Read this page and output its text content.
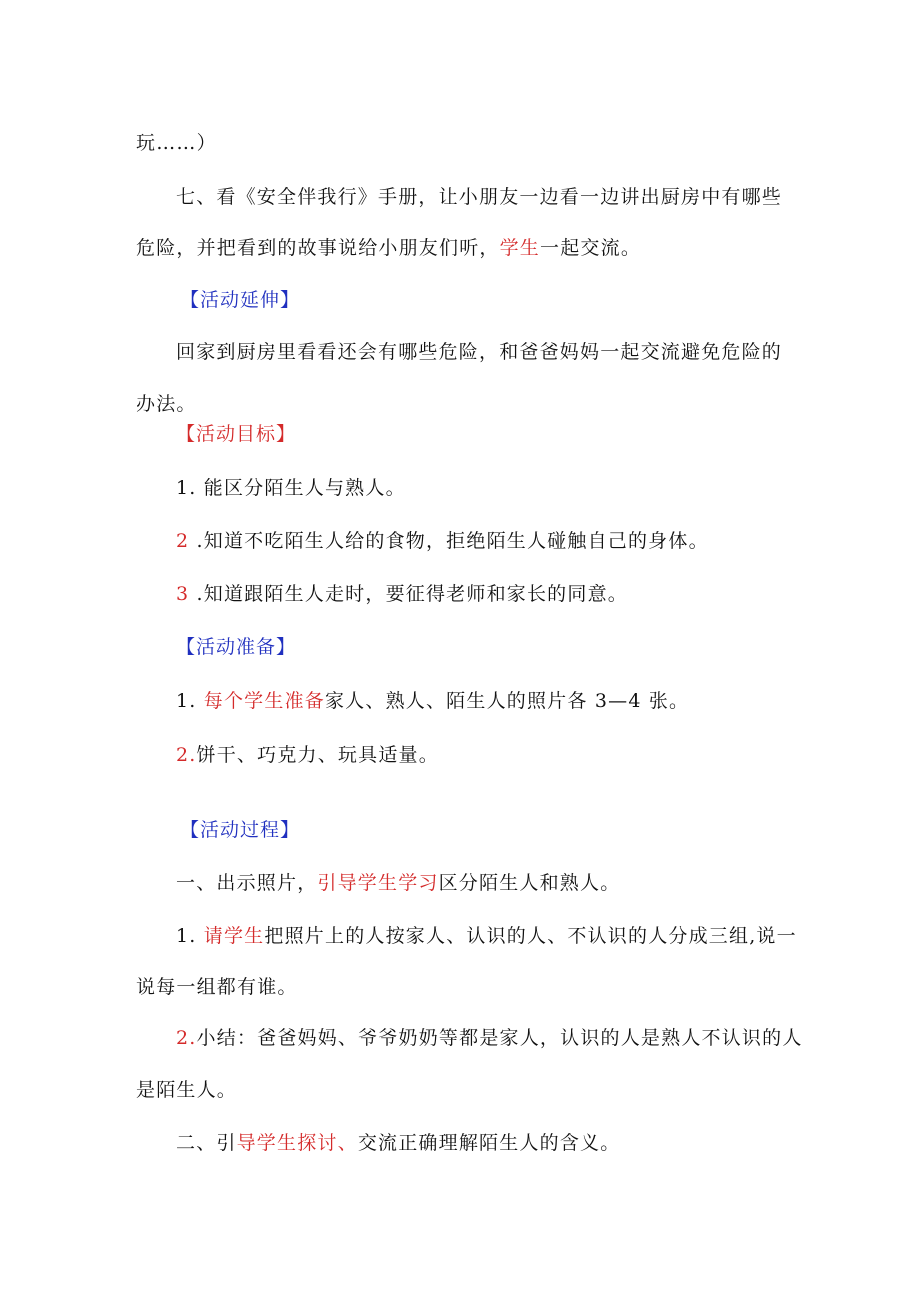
玩……）
七、看《安全伴我行》手册，让小朋友一边看一边讲出厨房中有哪些
危险，并把看到的故事说给小朋友们听，学生一起交流。
【活动延伸】
回家到厨房里看看还会有哪些危险，和爸爸妈妈一起交流避免危险的
办法。
【活动目标】
1. 能区分陌生人与熟人。
2 .知道不吃陌生人给的食物，拒绝陌生人碰触自己的身体。
3 .知道跟陌生人走时，要征得老师和家长的同意。
【活动准备】
1. 每个学生准备家人、熟人、陌生人的照片各 3—4 张。
2.饼干、巧克力、玩具适量。
【活动过程】
一、出示照片，引导学生学习区分陌生人和熟人。
1. 请学生把照片上的人按家人、认识的人、不认识的人分成三组,说一
说每一组都有谁。
2.小结：爸爸妈妈、爷爷奶奶等都是家人，认识的人是熟人不认识的人
是陌生人。
二、引导学生探讨、交流正确理解陌生人的含义。
